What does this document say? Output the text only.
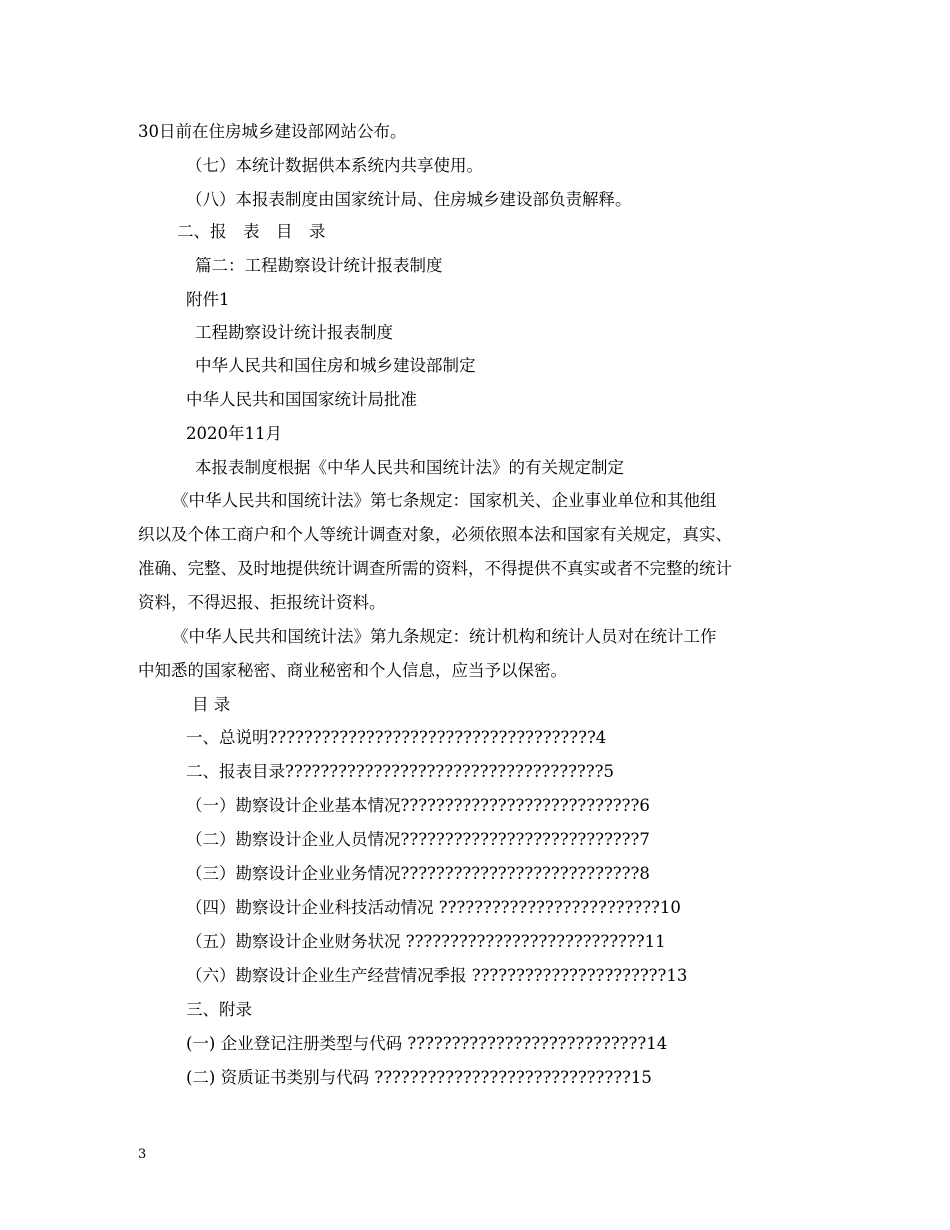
30日前在住房城乡建设部网站公布。
（七）本统计数据供本系统内共享使用。
（八）本报表制度由国家统计局、住房城乡建设部负责解释。
二、报　表　目　录
篇二：工程勘察设计统计报表制度
附件1
工程勘察设计统计报表制度
中华人民共和国住房和城乡建设部制定
中华人民共和国国家统计局批准
2020年11月
本报表制度根据《中华人民共和国统计法》的有关规定制定
《中华人民共和国统计法》第七条规定：国家机关、企业事业单位和其他组
织以及个体工商户和个人等统计调查对象，必须依照本法和国家有关规定，真实、
准确、完整、及时地提供统计调查所需的资料，不得提供不真实或者不完整的统计
资料，不得迟报、拒报统计资料。
《中华人民共和国统计法》第九条规定：统计机构和统计人员对在统计工作
中知悉的国家秘密、商业秘密和个人信息，应当予以保密。
目 录
一、总说明?????????????????????????????????????4
二、报表目录????????????????????????????????????5
（一）勘察设计企业基本情况???????????????????????????6
（二）勘察设计企业人员情况???????????????????????????7
（三）勘察设计企业业务情况???????????????????????????8
（四）勘察设计企业科技活动情况 ?????????????????????????10
（五）勘察设计企业财务状况 ???????????????????????????11
（六）勘察设计企业生产经营情况季报 ??????????????????????13
三、附录
(一) 企业登记注册类型与代码 ???????????????????????????14
(二) 资质证书类别与代码 ?????????????????????????????15
3
